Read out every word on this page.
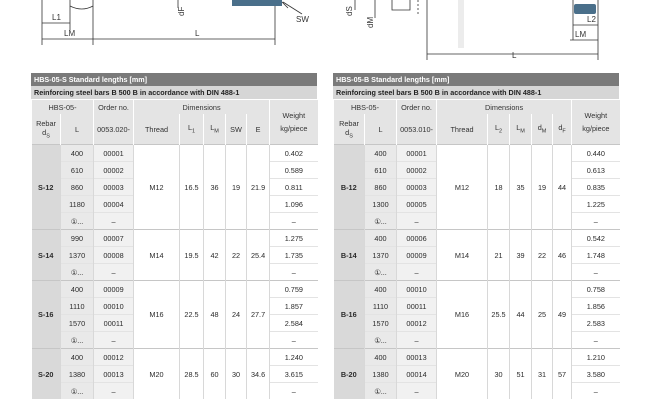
L1
LM	L
SW
dF	dS
dM	L2
LM
L
HBS-05-S Standard lengths [mm]
Reinforcing steel bars B 500 B in accordance with DIN 488-1
HBS-05-		Order no.	Dimensions					Weight

kg/piece

Rebar
$d_S$	L	0053.020-	Thread	$L_1$	$L_M$	SW	E	
S-12	400	00001	M12	16.5	36	19	21.9	0.402
	610	00002						0.589
	860	00003						0.811
	1180	00004						1.096
	①...	–						–
S-14	990	00007	M14	19.5	42	22	25.4	1.275
	1370	00008						1.735
	①...	–						–
S-16	400	00009	M16	22.5	48	24	27.7	0.759
	1110	00010						1.857
	1570	00011						2.584
	①...	–						–
S-20	400	00012	M20	28.5	60	30	34.6	1.240
	1380	00013						3.615
	①...	–						–
HBS-05-B Standard lengths [mm]
Reinforcing steel bars B 500 B in accordance with DIN 488-1
HBS-05-		Order no.	Dimensions					Weight

kg/piece

Rebar
$d_S$	L	0053.010-	Thread	$L_2$	$L_M$	$d_M$	$d_F$
B-12	400	00001	M12	18	35	19	44	0.440
	610	00002						0.613
	860	00003						0.835
	1300	00005						1.225
	①...	–						–
B-14	400	00006	M14	21	39	22	46	0.542
	1370	00009						1.748
	①...	–						–
B-16	400	00010	M16	25.5	44	25	49	0.758
	1110	00011						1.856
	1570	00012						2.583
	①...	–						–
B-20	400	00013	M20	30	51	31	57	1.210
	1380	00014						3.580
	①...	–						–
